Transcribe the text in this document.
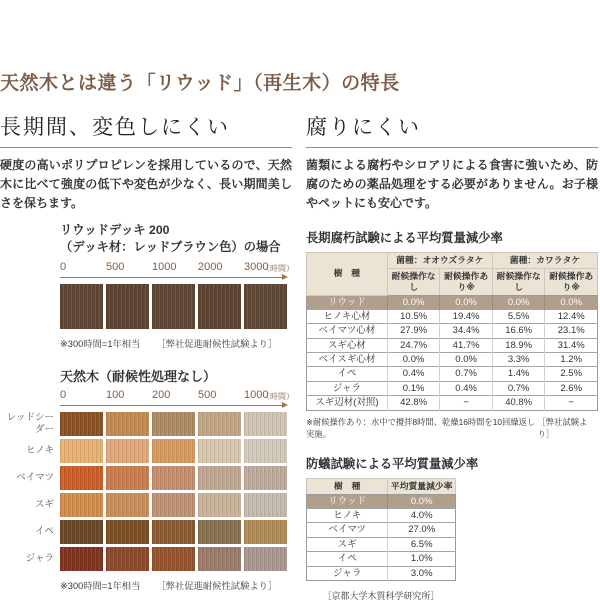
天然木とは違う「リウッド」（再生木）の特長
長期間、変色しにくい

硬度の高いポリプロピレンを採用しているので、天然木に比べて強度の低下や変色が少なく、長い期間美しさを保ちます。

リウッドデッキ 200
（デッキ材：レッドブラウン色）の場合
0	500	1000	2000	3000
（時間）
※300時間=1年相当 ［弊社促進耐候性試験より］
天然木（耐候性処理なし）
0	100	200	500	1000
（時間）
レッドシーダー
ヒノキ
ベイマツ
スギ
イペ
ジャラ
※300時間=1年相当 ［弊社促進耐候性試験より］
腐りにくい

菌類による腐朽やシロアリによる食害に強いため、防腐のための薬品処理をする必要がありません。お子様やペットにも安心です。

長期腐朽試験による平均質量減少率
樹　種	菌種：オオウズラタケ		菌種：カワラタケ	
	耐候操作なし	耐候操作あり※	耐候操作なし	耐候操作あり※
リウッド	0.0%	0.0%	0.0%	0.0%
ヒノキ心材	10.5%	19.4%	5.5%	12.4%
ベイマツ心材	27.9%	34.4%	16.6%	23.1%
スギ心材	24.7%	41.7%	18.9%	31.4%
ベイスギ心材	0.0%	0.0%	3.3%	1.2%
イペ	0.4%	0.7%	1.4%	2.5%
ジャラ	0.1%	0.4%	0.7%	2.6%
スギ辺材(対照)	42.8%	−	40.8%	−
※耐候操作あり：水中で攪拌8時間、乾燥16時間を10回繰返し実施。
［弊社試験より］
防蟻試験による平均質量減少率
樹　種	平均質量減少率
リウッド	0.0%
ヒノキ	4.0%
ベイマツ	27.0%
スギ	6.5%
イペ	1.0%
ジャラ	3.0%
［京都大学木質科学研究所］
